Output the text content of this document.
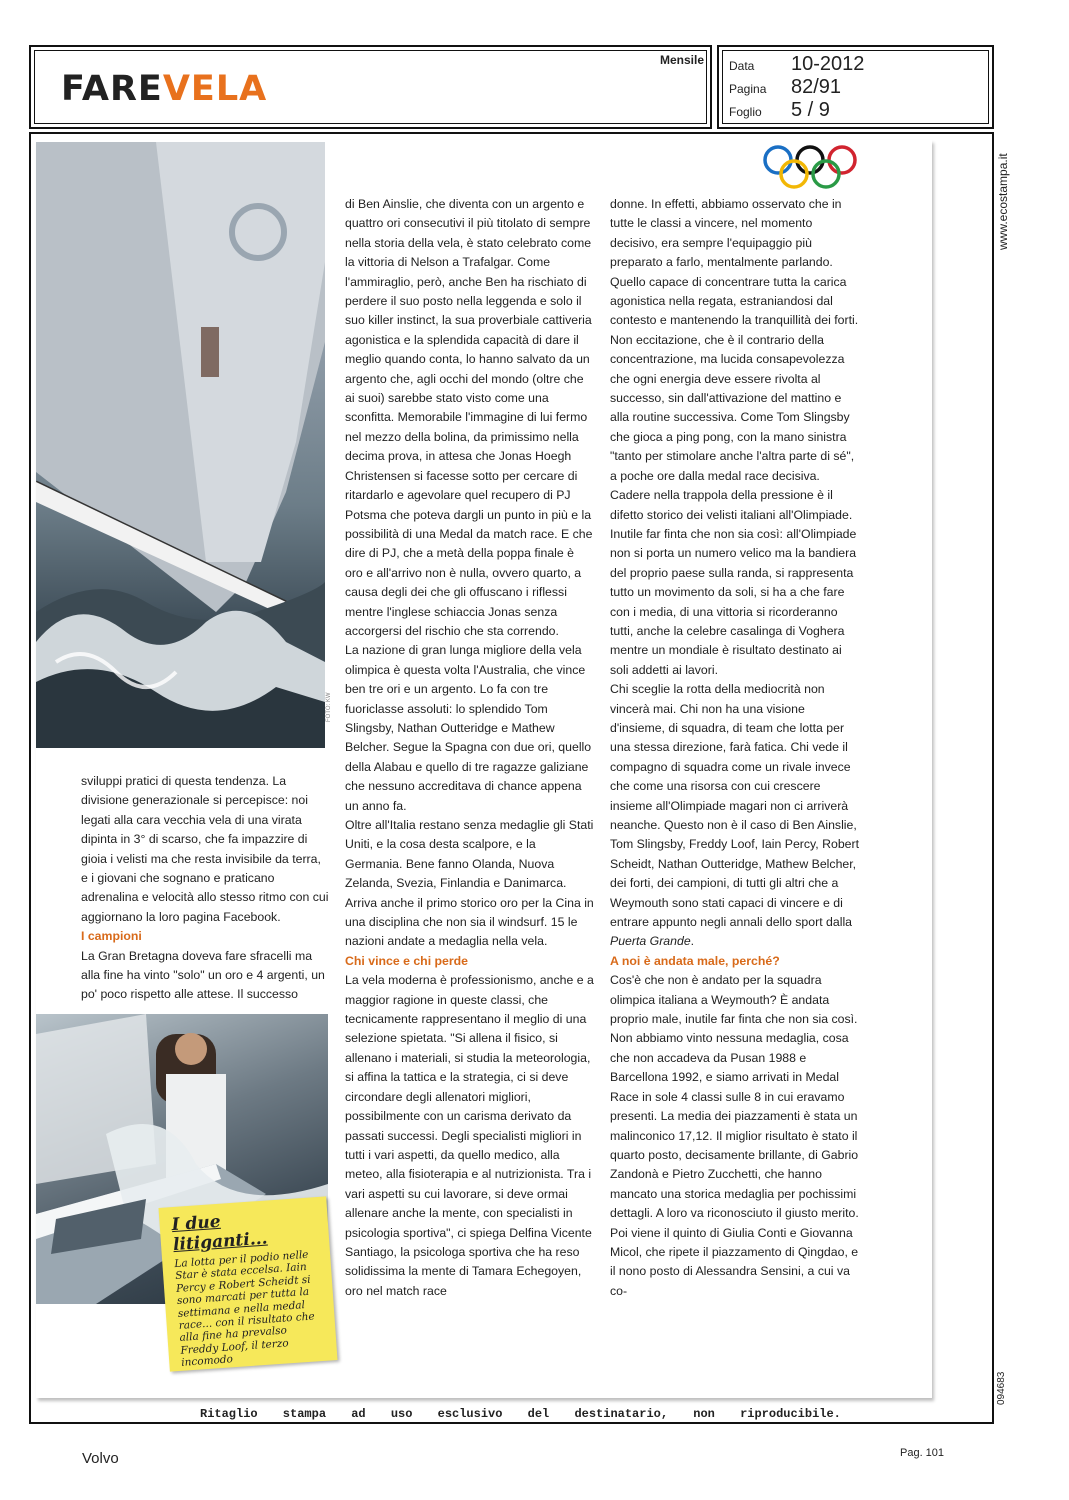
FAREVELA
Mensile Data 10-2012
Pagina 82/91
Foglio 5 / 9
www.ecostampa.it
094683
FOTO: KW

sviluppi pratici di questa tendenza. La divisione generazionale si percepisce: noi legati alla cara vecchia vela di una virata dipinta in 3° di scarso, che fa impazzire di gioia i velisti ma che resta invisibile da terra, e i giovani che sognano e praticano adrenalina e velocità allo stesso ritmo con cui aggiornano la loro pagina Facebook.

I campioni

La Gran Bretagna doveva fare sfracelli ma alla fine ha vinto "solo" un oro e 4 argenti, un po' poco rispetto alle attese. Il successo

di Ben Ainslie, che diventa con un argento e quattro ori consecutivi il più titolato di sempre nella storia della vela, è stato celebrato come la vittoria di Nelson a Trafalgar. Come l'ammiraglio, però, anche Ben ha rischiato di perdere il suo posto nella leggenda e solo il suo killer instinct, la sua proverbiale cattiveria agonistica e la splendida capacità di dare il meglio quando conta, lo hanno salvato da un argento che, agli occhi del mondo (oltre che ai suoi) sarebbe stato visto come una sconfitta. Memorabile l'immagine di lui fermo nel mezzo della bolina, da primissimo nella decima prova, in attesa che Jonas Hoegh Christensen si facesse sotto per cercare di ritardarlo e agevolare quel recupero di PJ Potsma che poteva dargli un punto in più e la possibilità di una Medal da match race. E che dire di PJ, che a metà della poppa finale è oro e all'arrivo non è nulla, ovvero quarto, a causa degli dei che gli offuscano i riflessi mentre l'inglese schiaccia Jonas senza accorgersi del rischio che sta correndo.

La nazione di gran lunga migliore della vela olimpica è questa volta l'Australia, che vince ben tre ori e un argento. Lo fa con tre fuoriclasse assoluti: lo splendido Tom Slingsby, Nathan Outteridge e Mathew Belcher. Segue la Spagna con due ori, quello della Alabau e quello di tre ragazze galiziane che nessuno accreditava di chance appena un anno fa.

Oltre all'Italia restano senza medaglie gli Stati Uniti, e la cosa desta scalpore, e la Germania. Bene fanno Olanda, Nuova Zelanda, Svezia, Finlandia e Danimarca. Arriva anche il primo storico oro per la Cina in una disciplina che non sia il windsurf. 15 le nazioni andate a medaglia nella vela.

Chi vince e chi perde

La vela moderna è professionismo, anche e a maggior ragione in queste classi, che tecnicamente rappresentano il meglio di una selezione spietata. "Si allena il fisico, si allenano i materiali, si studia la meteorologia, si affina la tattica e la strategia, ci si deve circondare degli allenatori migliori, possibilmente con un carisma derivato da passati successi. Degli specialisti migliori in tutti i vari aspetti, da quello medico, alla meteo, alla fisioterapia e al nutrizionista. Tra i vari aspetti su cui lavorare, si deve ormai allenare anche la mente, con specialisti in psicologia sportiva", ci spiega Delfina Vicente Santiago, la psicologa sportiva che ha reso solidissima la mente di Tamara Echegoyen, oro nel match race

donne. In effetti, abbiamo osservato che in tutte le classi a vincere, nel momento decisivo, era sempre l'equipaggio più preparato a farlo, mentalmente parlando. Quello capace di concentrare tutta la carica agonistica nella regata, estraniandosi dal contesto e mantenendo la tranquillità dei forti. Non eccitazione, che è il contrario della concentrazione, ma lucida consapevolezza che ogni energia deve essere rivolta al successo, sin dall'attivazione del mattino e alla routine successiva. Come Tom Slingsby che gioca a ping pong, con la mano sinistra "tanto per stimolare anche l'altra parte di sé", a poche ore dalla medal race decisiva.

Cadere nella trappola della pressione è il difetto storico dei velisti italiani all'Olimpiade. Inutile far finta che non sia così: all'Olimpiade non si porta un numero velico ma la bandiera del proprio paese sulla randa, si rappresenta tutto un movimento da soli, si ha a che fare con i media, di una vittoria si ricorderanno tutti, anche la celebre casalinga di Voghera mentre un mondiale è risultato destinato ai soli addetti ai lavori.

Chi sceglie la rotta della mediocrità non vincerà mai. Chi non ha una visione d'insieme, di squadra, di team che lotta per una stessa direzione, farà fatica. Chi vede il compagno di squadra come un rivale invece che come una risorsa con cui crescere insieme all'Olimpiade magari non ci arriverà neanche. Questo non è il caso di Ben Ainslie, Tom Slingsby, Freddy Loof, Iain Percy, Robert Scheidt, Nathan Outteridge, Mathew Belcher, dei forti, dei campioni, di tutti gli altri che a Weymouth sono stati capaci di vincere e di entrare appunto negli annali dello sport dalla Puerta Grande.

A noi è andata male, perché?

Cos'è che non è andato per la squadra olimpica italiana a Weymouth? È andata proprio male, inutile far finta che non sia così. Non abbiamo vinto nessuna medaglia, cosa che non accadeva da Pusan 1988 e Barcellona 1992, e siamo arrivati in Medal Race in sole 4 classi sulle 8 in cui eravamo presenti. La media dei piazzamenti è stata un malinconico 17,12. Il miglior risultato è stato il quarto posto, decisamente brillante, di Gabrio Zandonà e Pietro Zucchetti, che hanno mancato una storica medaglia per pochissimi dettagli. A loro va riconosciuto il giusto merito. Poi viene il quinto di Giulia Conti e Giovanna Micol, che ripete il piazzamento di Qingdao, e il nono posto di Alessandra Sensini, a cui va co-

I due litiganti...
La lotta per il podio nelle Star è stata eccelsa. Iain Percy e Robert Scheidt si sono marcati per tutta la settimana e nella medal race... con il risultato che alla fine ha prevalso Freddy Loof, il terzo incomodo
Ritaglio stampa ad uso esclusivo del destinatario, non riproducibile.
Volvo	Pag. 101
